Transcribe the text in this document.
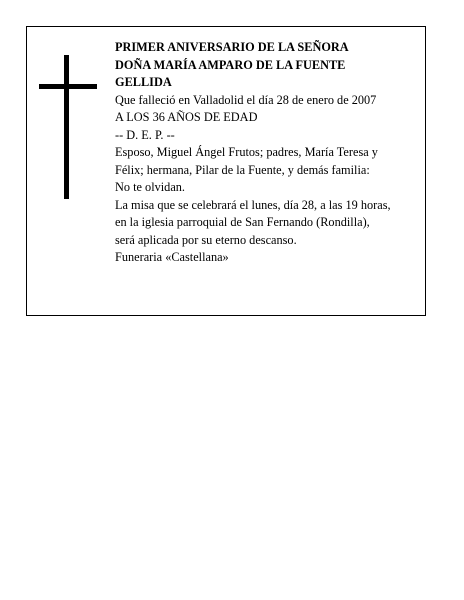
PRIMER ANIVERSARIO DE LA SEÑORA
DOÑA MARÍA AMPARO DE LA FUENTE
GELLIDA
Que falleció en Valladolid el día 28 de enero de 2007
A LOS 36 AÑOS DE EDAD
-- D. E. P. --
Esposo, Miguel Ángel Frutos; padres, María Teresa y
Félix; hermana, Pilar de la Fuente, y demás familia:
No te olvidan.
La misa que se celebrará el lunes, día 28, a las 19 horas,
en la iglesia parroquial de San Fernando (Rondilla),
será aplicada por su eterno descanso.
Funeraria «Castellana»
